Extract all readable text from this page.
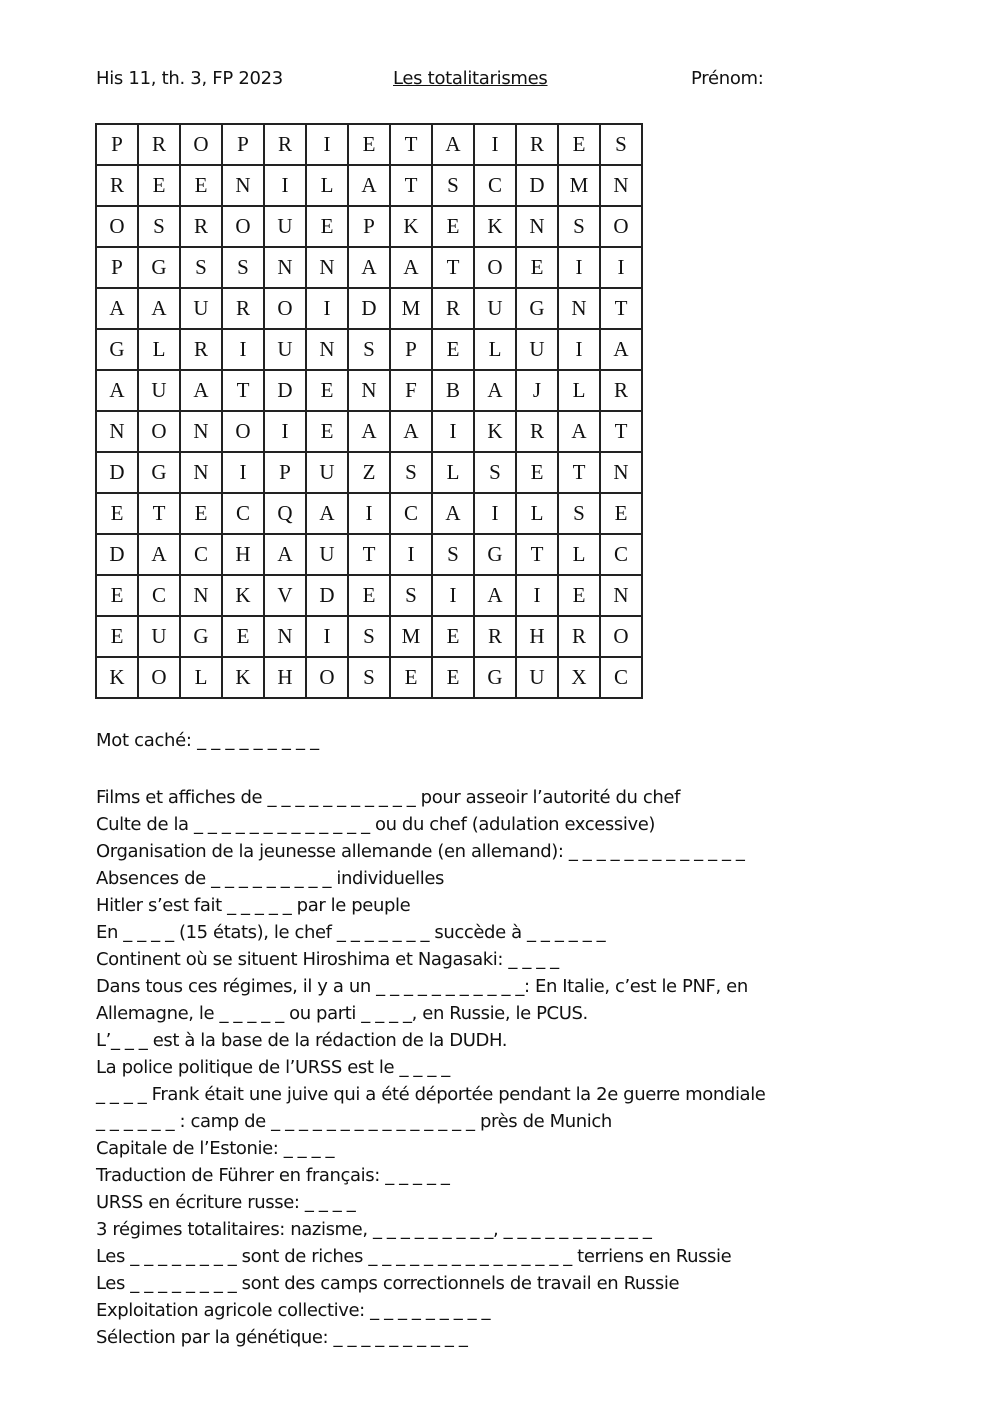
His 11, th. 3, FP 2023	Les totalitarismes	Prénom:
P	R	O	P	R	I	E	T	A	I	R	E	S
R	E	E	N	I	L	A	T	S	C	D	M	N
O	S	R	O	U	E	P	K	E	K	N	S	O
P	G	S	S	N	N	A	A	T	O	E	I	I
A	A	U	R	O	I	D	M	R	U	G	N	T
G	L	R	I	U	N	S	P	E	L	U	I	A
A	U	A	T	D	E	N	F	B	A	J	L	R
N	O	N	O	I	E	A	A	I	K	R	A	T
D	G	N	I	P	U	Z	S	L	S	E	T	N
E	T	E	C	Q	A	I	C	A	I	L	S	E
D	A	C	H	A	U	T	I	S	G	T	L	C
E	C	N	K	V	D	E	S	I	A	I	E	N
E	U	G	E	N	I	S	M	E	R	H	R	O
K	O	L	K	H	O	S	E	E	G	U	X	C
Mot caché: _ _ _ _ _ _ _ _ _
Films et affiches de _ _ _ _ _ _ _ _ _ _ _ pour asseoir l’autorité du chef
Culte de la _ _ _ _ _ _ _ _ _ _ _ _ _ ou du chef (adulation excessive)
Organisation de la jeunesse allemande (en allemand): _ _ _ _ _ _ _ _ _ _ _ _ _
Absences de _ _ _ _ _ _ _ _ _ individuelles
Hitler s’est fait _ _ _ _ _ par le peuple
En _ _ _ _ (15 états), le chef _ _ _ _ _ _ _ succède à _ _ _ _ _ _
Continent où se situent Hiroshima et Nagasaki: _ _ _ _
Dans tous ces régimes, il y a un _ _ _ _ _ _ _ _ _ _ _: En Italie, c’est le PNF, en
Allemagne, le _ _ _ _ _ ou parti _ _ _ _, en Russie, le PCUS.
L’_ _ _ est à la base de la rédaction de la DUDH.
La police politique de l’URSS est le _ _ _ _
_ _ _ _ Frank était une juive qui a été déportée pendant la 2e guerre mondiale
_ _ _ _ _ _ : camp de _ _ _ _ _ _ _ _ _ _ _ _ _ _ _ près de Munich
Capitale de l’Estonie: _ _ _ _
Traduction de Führer en français: _ _ _ _ _
URSS en écriture russe: _ _ _ _
3 régimes totalitaires: nazisme, _ _ _ _ _ _ _ _ _, _ _ _ _ _ _ _ _ _ _ _
Les _ _ _ _ _ _ _ _ sont de riches _ _ _ _ _ _ _ _ _ _ _ _ _ _ _ terriens en Russie
Les _ _ _ _ _ _ _ _ sont des camps correctionnels de travail en Russie
Exploitation agricole collective: _ _ _ _ _ _ _ _ _
Sélection par la génétique: _ _ _ _ _ _ _ _ _ _
